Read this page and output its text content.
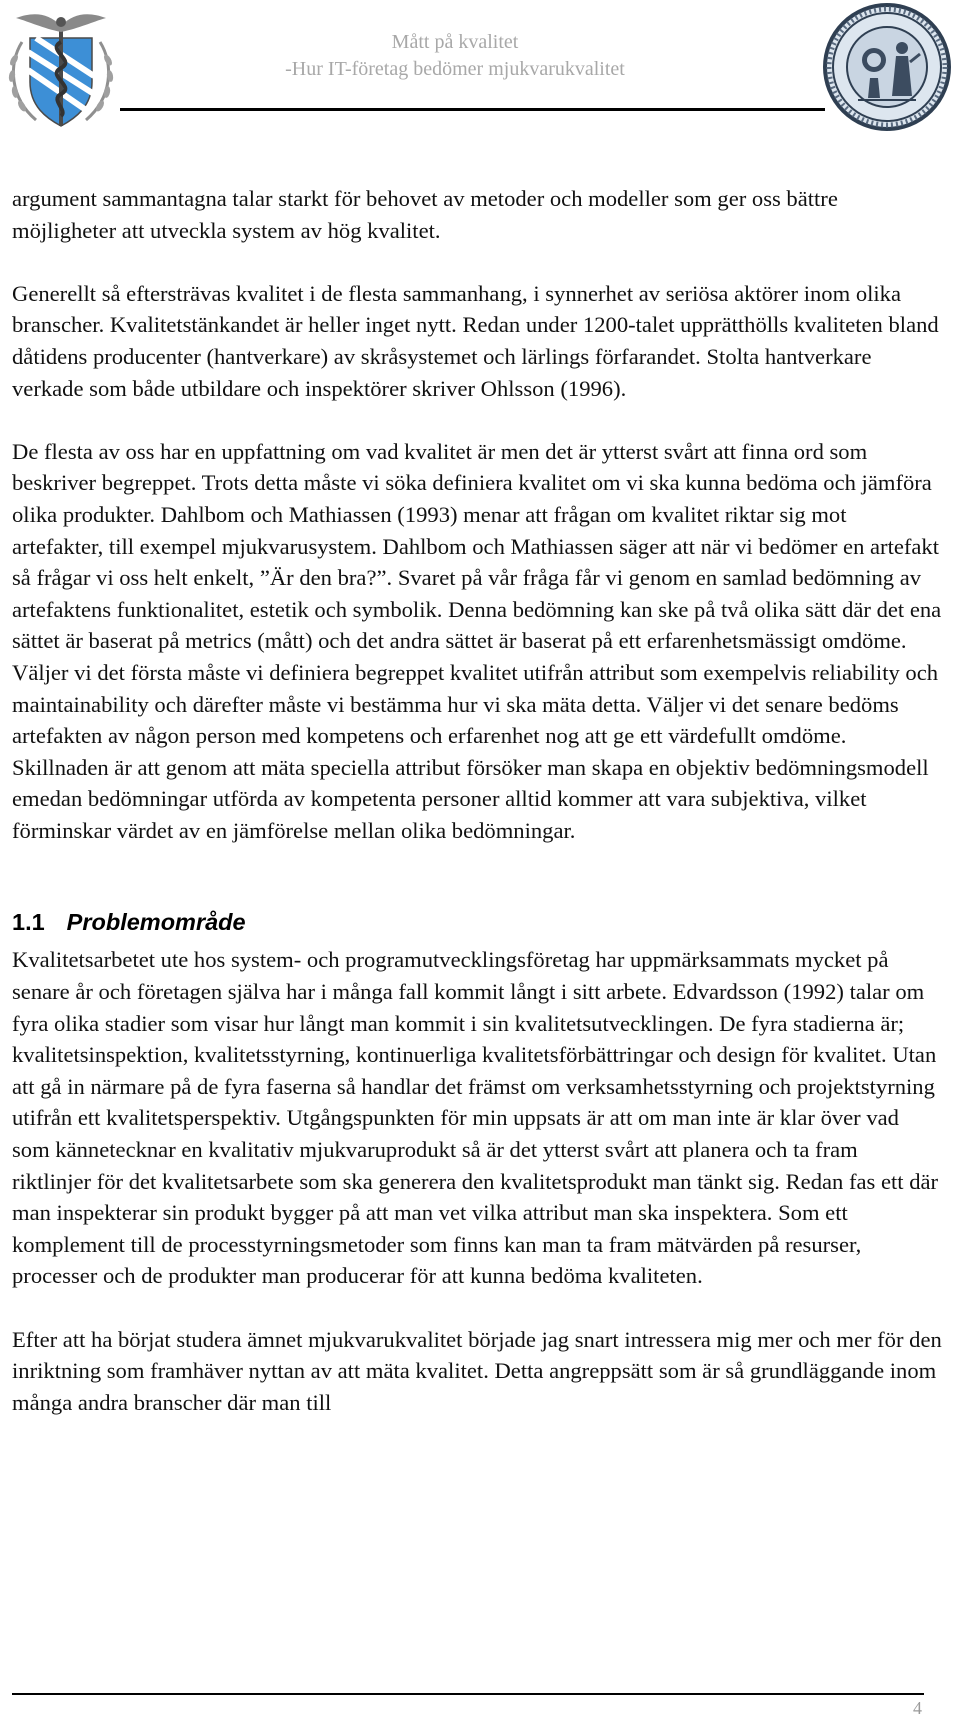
Mått på kvalitet
-Hur IT-företag bedömer mjukvarukvalitet

argument sammantagna talar starkt för behovet av metoder och modeller som ger oss bättre möjligheter att utveckla system av hög kvalitet.

Generellt så eftersträvas kvalitet i de flesta sammanhang, i synnerhet av seriösa aktörer inom olika branscher. Kvalitetstänkandet är heller inget nytt. Redan under 1200-talet upprätthölls kvaliteten bland dåtidens producenter (hantverkare) av skråsystemet och lärlings förfarandet. Stolta hantverkare verkade som både utbildare och inspektörer skriver Ohlsson (1996).

De flesta av oss har en uppfattning om vad kvalitet är men det är ytterst svårt att finna ord som beskriver begreppet. Trots detta måste vi söka definiera kvalitet om vi ska kunna bedöma och jämföra olika produkter. Dahlbom och Mathiassen (1993) menar att frågan om kvalitet riktar sig mot artefakter, till exempel mjukvarusystem. Dahlbom och Mathiassen säger att när vi bedömer en artefakt så frågar vi oss helt enkelt, ”Är den bra?”. Svaret på vår fråga får vi genom en samlad bedömning av artefaktens funktionalitet, estetik och symbolik. Denna bedömning kan ske på två olika sätt där det ena sättet är baserat på metrics (mått) och det andra sättet är baserat på ett erfarenhetsmässigt omdöme. Väljer vi det första måste vi definiera begreppet kvalitet utifrån attribut som exempelvis reliability och maintainability och därefter måste vi bestämma hur vi ska mäta detta. Väljer vi det senare bedöms artefakten av någon person med kompetens och erfarenhet nog att ge ett värdefullt omdöme. Skillnaden är att genom att mäta speciella attribut försöker man skapa en objektiv bedömningsmodell emedan bedömningar utförda av kompetenta personer alltid kommer att vara subjektiva, vilket förminskar värdet av en jämförelse mellan olika bedömningar.

1.1 Problemområde

Kvalitetsarbetet ute hos system- och programutvecklingsföretag har uppmärksammats mycket på senare år och företagen själva har i många fall kommit långt i sitt arbete. Edvardsson (1992) talar om fyra olika stadier som visar hur långt man kommit i sin kvalitetsutvecklingen. De fyra stadierna är; kvalitetsinspektion, kvalitetsstyrning, kontinuerliga kvalitetsförbättringar och design för kvalitet. Utan att gå in närmare på de fyra faserna så handlar det främst om verksamhetsstyrning och projektstyrning utifrån ett kvalitetsperspektiv. Utgångspunkten för min uppsats är att om man inte är klar över vad som kännetecknar en kvalitativ mjukvaruprodukt så är det ytterst svårt att planera och ta fram riktlinjer för det kvalitetsarbete som ska generera den kvalitetsprodukt man tänkt sig. Redan fas ett där man inspekterar sin produkt bygger på att man vet vilka attribut man ska inspektera. Som ett komplement till de processtyrningsmetoder som finns kan man ta fram mätvärden på resurser, processer och de produkter man producerar för att kunna bedöma kvaliteten.

Efter att ha börjat studera ämnet mjukvarukvalitet började jag snart intressera mig mer och mer för den inriktning som framhäver nyttan av att mäta kvalitet. Detta angreppsätt som är så grundläggande inom många andra branscher där man till

4
